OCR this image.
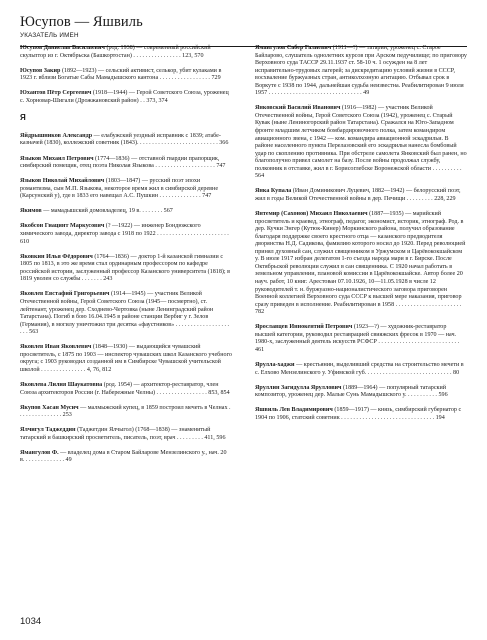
Юсупов — Яшвиль
УКАЗАТЕЛЬ ИМЕН

Юсупов Даниелав Васильевич (род. 1938) — современный российский скульптор из г. Октябрьска (Башкортостан) . . . . . . . . . . . . . . . . 123, 570

Юсупов Закир (1892—1923) — сельский активист, селькор, убит кулаками в 1923 г. вблизи Богатые Сабы Мамадышского кантона . . . . . . . . . . . . . . . . . 729

Юхантов Пётр Сергеевич (1918—1944) — Герой Советского Союза, уроженец с. Хорновар-Шигали (Дрожжановский район) . . 373, 374

Я

Яйдрышников Александр — елабужский уездный исправник с 1839; атабе-казначей (1830), коллежский советник (1843). . . . . . . . . . . . . . . . . . . . . . . . . . . 366

Языков Михаил Петрович (1774—1836) — отставной гвардии прапорщик, симбирский помещик, отец поэта Николая Языкова . . . . . . . . . . . . . . . . . . . . 747

Языков Николай Михайлович (1803—1847) — русский поэт эпохи романтизма, сын М.П. Языкова, некоторое время жил в симбирской деревне (Карсунский у), где в 1833 его навещал А.С. Пушкин . . . . . . . . . . . . . . 747

Якимов — мамадышский домовладелец, 19 в. . . . . . . . 567

Якобсон Гиацинт Маркусович (? —1922) — инженер Бондюжского химического завода, директор завода с 1918 по 1922 . . . . . . . . . . . . . . . . . . . . . . . . 610

Яковкин Илья Фёдорович (1764—1836) — доктор 1-й казанской гимназии с 1805 по 1813, в это же время стал ординарным профессором по кафедре российской истории, заслуженный профессор Казанского университета (1818); в 1819 уволен со службы . . . . . . . 243

Яковлев Евстафий Григорьевич (1914—1945) — участник Великой Отечественной войны, Герой Советского Союза (1945— посмертно), ст. лейтенант, уроженец дер. Сходнево-Чертовка (ныне Ленинградский район Татарстана). Погиб в бою 16.04.1945 в районе станции Вербиг у г. Зелов (Германия), в могилу уничтожил три десятка «фаустников» . . . . . . . . . . . . . . . . . . . . . 563

Яковлев Иван Яковлевич (1848—1930) — выдающийся чувашский просветитель, с 1875 по 1903 — инспектор чувашских школ Казанского учебного округа; с 1903 руководил созданной им в Симбирске Чувашской учительской школой . . . . . . . . . . . . . . . 4, 76, 812

Яковлева Лилия Шаукатовна (род. 1954) — архитектор-реставратор, член Союза архитекторов России (г. Набережные Челны) . . . . . . . . . . . . . . . . . 853, 854

Якупов Хасан Мусич — малмыжский купец, в 1859 построил мечеть в Челнах . . . . . . . . . . . . . . . 253

Ялчигул Таджеддин (Таджетдин Ялчыгол) (1768—1838) — знаменитый татарский и башкирский просветитель, писатель, поэт, врач . . . . . . . . . 411, 596

Ямангулов Ф. — владелец дома в Старом Байларове Мензелинского у., нач. 20 в. . . . . . . . . . . . . . 49

Ямангулов Сабер Галиевич (1911—?) — татарин, уроженец с. Старое Байларово, слушатель однолетних курсов при Арском педучилище; по приговору Верховного суда ТАССР 29.11.1937 ст. 58-10 ч. 1 осужден на 8 лет исправительно-трудовых лагерей; за дискредитацию условий жизни в СССР, восхваление буржуазных стран, антиколхозную агитацию. Отбывал срок в Воркуте с 1938 по 1944, дальнейшая судьба неизвестна. Реабилитирован 9 июля 1957 . . . . . . . . . . . . . . . . . . . . . . . . . . . . . . . 49

Янковский Василий Иванович (1916—1982) — участник Великой Отечественной войны, Герой Советского Союза (1942), уроженец с. Старый Кувак (ныне Лениногорский район Татарстана). Сражался на Юго-Западном фронте младшим летчиком бомбардировочного полка, затем командиром авиационного звена, с 1942 — ком. командира авиационной эскадрильи. В районе населенного пункта Перелазовский его эскадрилья нанесла бомбовый удар по скоплению противника. При обстреле самолета Янковский был ранен, но благополучно привел самолет на базу. После войны продолжал службу, полковник в отставке, жил в г. Борисоглебске Воронежской области . . . . . . . . . . 564

Янка Купала (Иван Доминикович Луцевич, 1882—1942) — белорусский поэт, жил в годы Великой Отечественной войны в дер. Печищи . . . . . . . . . 228, 229

Янтемир (Сахонов) Михаил Николаевич (1887—1935) — марийский просветитель и краевед, этнограф, педагог, экономист, историк, этнограф. Род. в дер. Кучки Энгер (Кутюк-Кинер) Моркинского района, получил образование благодаря поддержке своего крестного отца — казанского предводителя дворянства Н.Д. Садикова, фамилию которого носил до 1920. Перед революцией принял духовный сан, служил священником в Уржумском и Царёвококшайском у. В июле 1917 избран делегатом 1-го съезда народа мари в г. Бирске. После Октябрьской революции служил в сан священника. С 1920 начал работать в земельном управлении, плановой комиссии в Царёвококшайске. Автор более 20 науч. работ, 10 книг. Арестован 07.10.1926, 10—11.05.1928 в числе 12 руководителей т. н. буржуазно-националистического заговора приговорен Военной коллегией Верховного суда СССР к высшей мере наказания, приговор сразу приведен в исполнение. Реабилитирован в 1958 . . . . . . . . . . . . . . . . . . . . . . 782

Ярославцев Иннокентий Петрович (1923—?) — художник-реставратор высшей категории, руководил реставрацией свияжских фресок в 1970 — нач. 1980-х, заслуженный деятель искусств РСФСР . . . . . . . . . . . . . . . . . . . . . . . . . . . 461

Ярулла-хаджи — крестьянин, выделивший средства на строительство мечети в с. Елхово Мензелинского у. Уфимской губ. . . . . . . . . . . . . . . . . . . . . . . . . . . . . 80

Яруллин Загидулла Яруллович (1889—1964) — популярный татарский композитор, уроженец дер. Малые Сунь Мамадышского у. . . . . . . . . . . 596

Яшвиль Лев Владимирович (1859—1917) — князь, симбирский губернатор с 1904 по 1906, статский советник . . . . . . . . . . . . . . . . . . . . . . . . . . . . . . . 194

1034
